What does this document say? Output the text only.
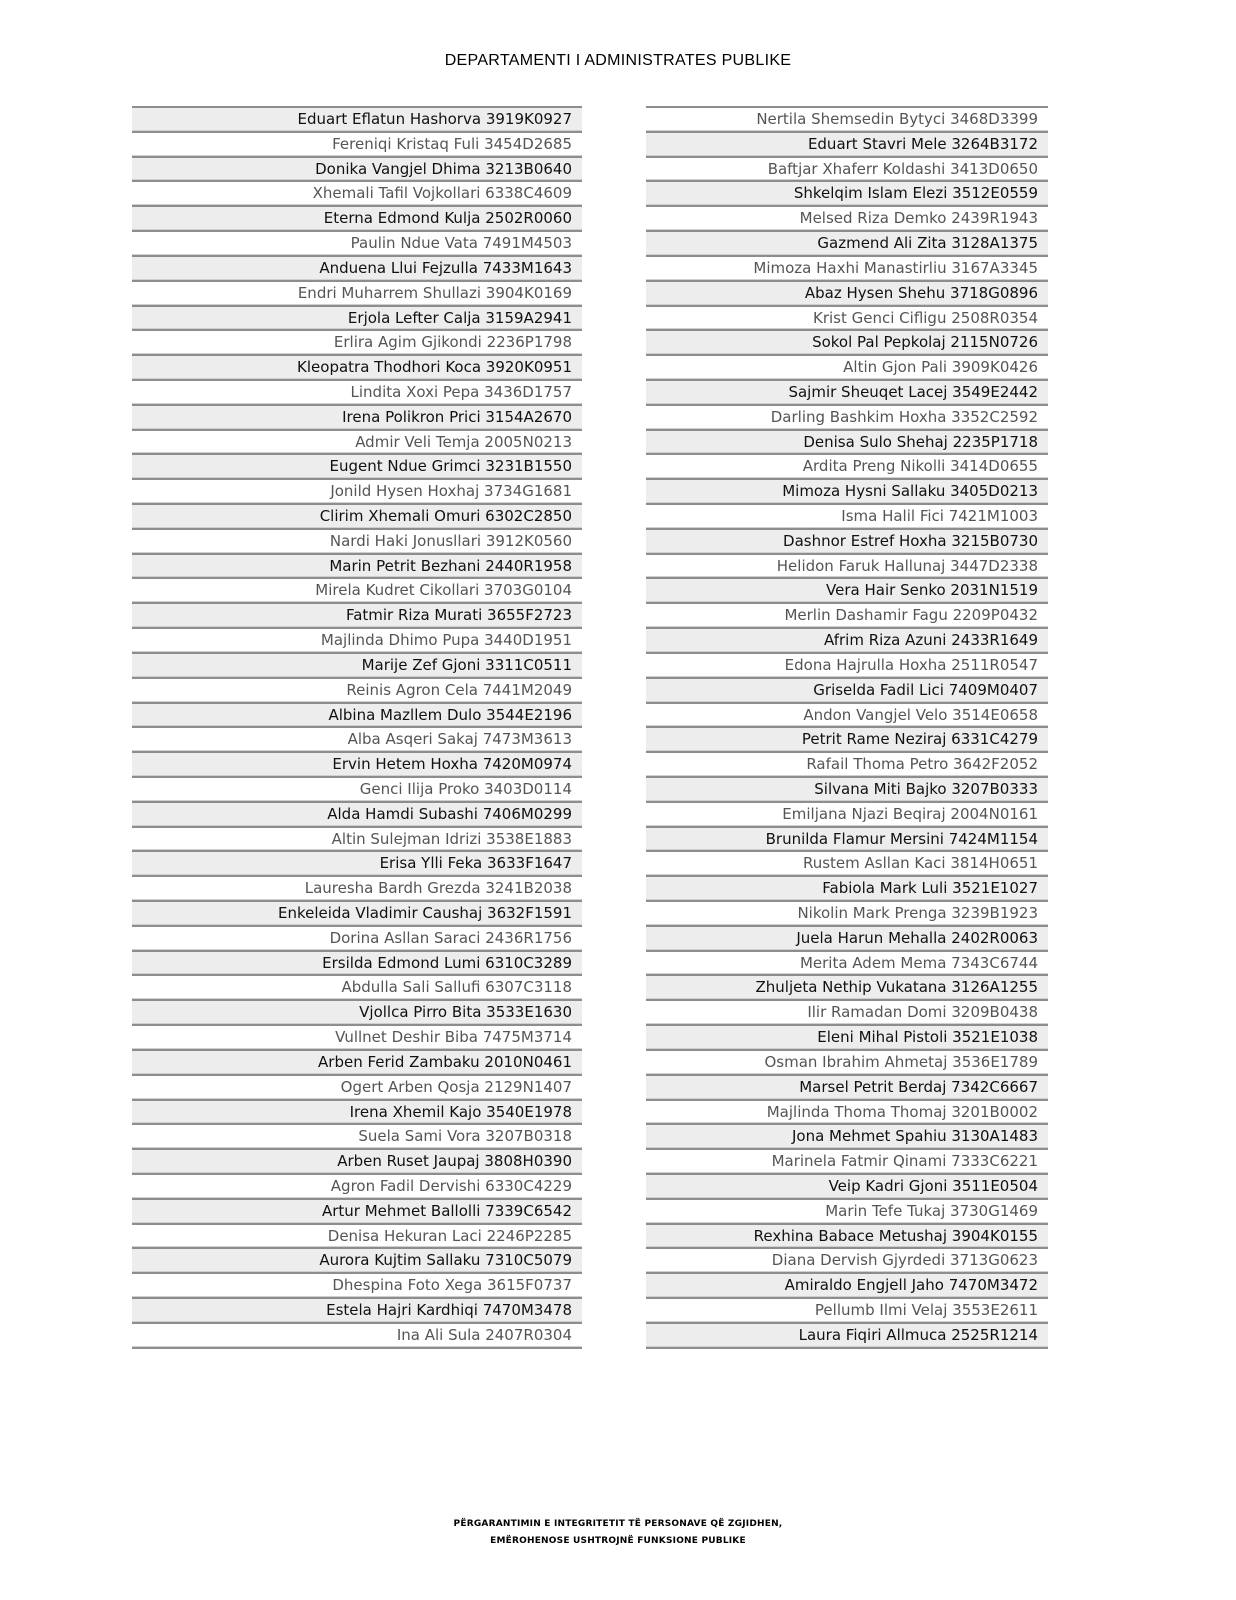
DEPARTAMENTI I ADMINISTRATES PUBLIKE
Eduart Eflatun Hashorva 3919K0927
Fereniqi Kristaq Fuli 3454D2685
Donika Vangjel Dhima 3213B0640
Xhemali Tafil Vojkollari 6338C4609
Eterna Edmond Kulja 2502R0060
Paulin Ndue Vata 7491M4503
Anduena Llui Fejzulla 7433M1643
Endri Muharrem Shullazi 3904K0169
Erjola Lefter Calja 3159A2941
Erlira Agim Gjikondi 2236P1798
Kleopatra Thodhori Koca 3920K0951
Lindita Xoxi Pepa 3436D1757
Irena Polikron Prici 3154A2670
Admir Veli Temja 2005N0213
Eugent Ndue Grimci 3231B1550
Jonild Hysen Hoxhaj 3734G1681
Clirim Xhemali Omuri 6302C2850
Nardi Haki Jonusllari 3912K0560
Marin Petrit Bezhani 2440R1958
Mirela Kudret Cikollari 3703G0104
Fatmir Riza Murati 3655F2723
Majlinda Dhimo Pupa 3440D1951
Marije Zef Gjoni 3311C0511
Reinis Agron Cela 7441M2049
Albina Mazllem Dulo 3544E2196
Alba Asqeri Sakaj 7473M3613
Ervin Hetem Hoxha 7420M0974
Genci Ilija Proko 3403D0114
Alda Hamdi Subashi 7406M0299
Altin Sulejman Idrizi 3538E1883
Erisa Ylli Feka 3633F1647
Lauresha Bardh Grezda 3241B2038
Enkeleida Vladimir Caushaj 3632F1591
Dorina Asllan Saraci 2436R1756
Ersilda Edmond Lumi 6310C3289
Abdulla Sali Sallufi 6307C3118
Vjollca Pirro Bita 3533E1630
Vullnet Deshir Biba 7475M3714
Arben Ferid Zambaku 2010N0461
Ogert Arben Qosja 2129N1407
Irena Xhemil Kajo 3540E1978
Suela Sami Vora 3207B0318
Arben Ruset Jaupaj 3808H0390
Agron Fadil Dervishi 6330C4229
Artur Mehmet Ballolli 7339C6542
Denisa Hekuran Laci 2246P2285
Aurora Kujtim Sallaku 7310C5079
Dhespina Foto Xega 3615F0737
Estela Hajri Kardhiqi 7470M3478
Ina Ali Sula 2407R0304
Nertila Shemsedin Bytyci 3468D3399
Eduart Stavri Mele 3264B3172
Baftjar Xhaferr Koldashi 3413D0650
Shkelqim Islam Elezi 3512E0559
Melsed Riza Demko 2439R1943
Gazmend Ali Zita 3128A1375
Mimoza Haxhi Manastirliu 3167A3345
Abaz Hysen Shehu 3718G0896
Krist Genci Cifligu 2508R0354
Sokol Pal Pepkolaj 2115N0726
Altin Gjon Pali 3909K0426
Sajmir Sheuqet Lacej 3549E2442
Darling Bashkim Hoxha 3352C2592
Denisa Sulo Shehaj 2235P1718
Ardita Preng Nikolli 3414D0655
Mimoza Hysni Sallaku 3405D0213
Isma Halil Fici 7421M1003
Dashnor Estref Hoxha 3215B0730
Helidon Faruk Hallunaj 3447D2338
Vera Hair Senko 2031N1519
Merlin Dashamir Fagu 2209P0432
Afrim Riza Azuni 2433R1649
Edona Hajrulla Hoxha 2511R0547
Griselda Fadil Lici 7409M0407
Andon Vangjel Velo 3514E0658
Petrit Rame Neziraj 6331C4279
Rafail Thoma Petro 3642F2052
Silvana Miti Bajko 3207B0333
Emiljana Njazi Beqiraj 2004N0161
Brunilda Flamur Mersini 7424M1154
Rustem Asllan Kaci 3814H0651
Fabiola Mark Luli 3521E1027
Nikolin Mark Prenga 3239B1923
Juela Harun Mehalla 2402R0063
Merita Adem Mema 7343C6744
Zhuljeta Nethip Vukatana 3126A1255
Ilir Ramadan Domi 3209B0438
Eleni Mihal Pistoli 3521E1038
Osman Ibrahim Ahmetaj 3536E1789
Marsel Petrit Berdaj 7342C6667
Majlinda Thoma Thomaj 3201B0002
Jona Mehmet Spahiu 3130A1483
Marinela Fatmir Qinami 7333C6221
Veip Kadri Gjoni 3511E0504
Marin Tefe Tukaj 3730G1469
Rexhina Babace Metushaj 3904K0155
Diana Dervish Gjyrdedi 3713G0623
Amiraldo Engjell Jaho 7470M3472
Pellumb Ilmi Velaj 3553E2611
Laura Fiqiri Allmuca 2525R1214
PËRGARANTIMIN E INTEGRITETIT TË PERSONAVE QË ZGJIDHEN,
EMËROHENOSE USHTROJNË FUNKSIONE PUBLIKE
